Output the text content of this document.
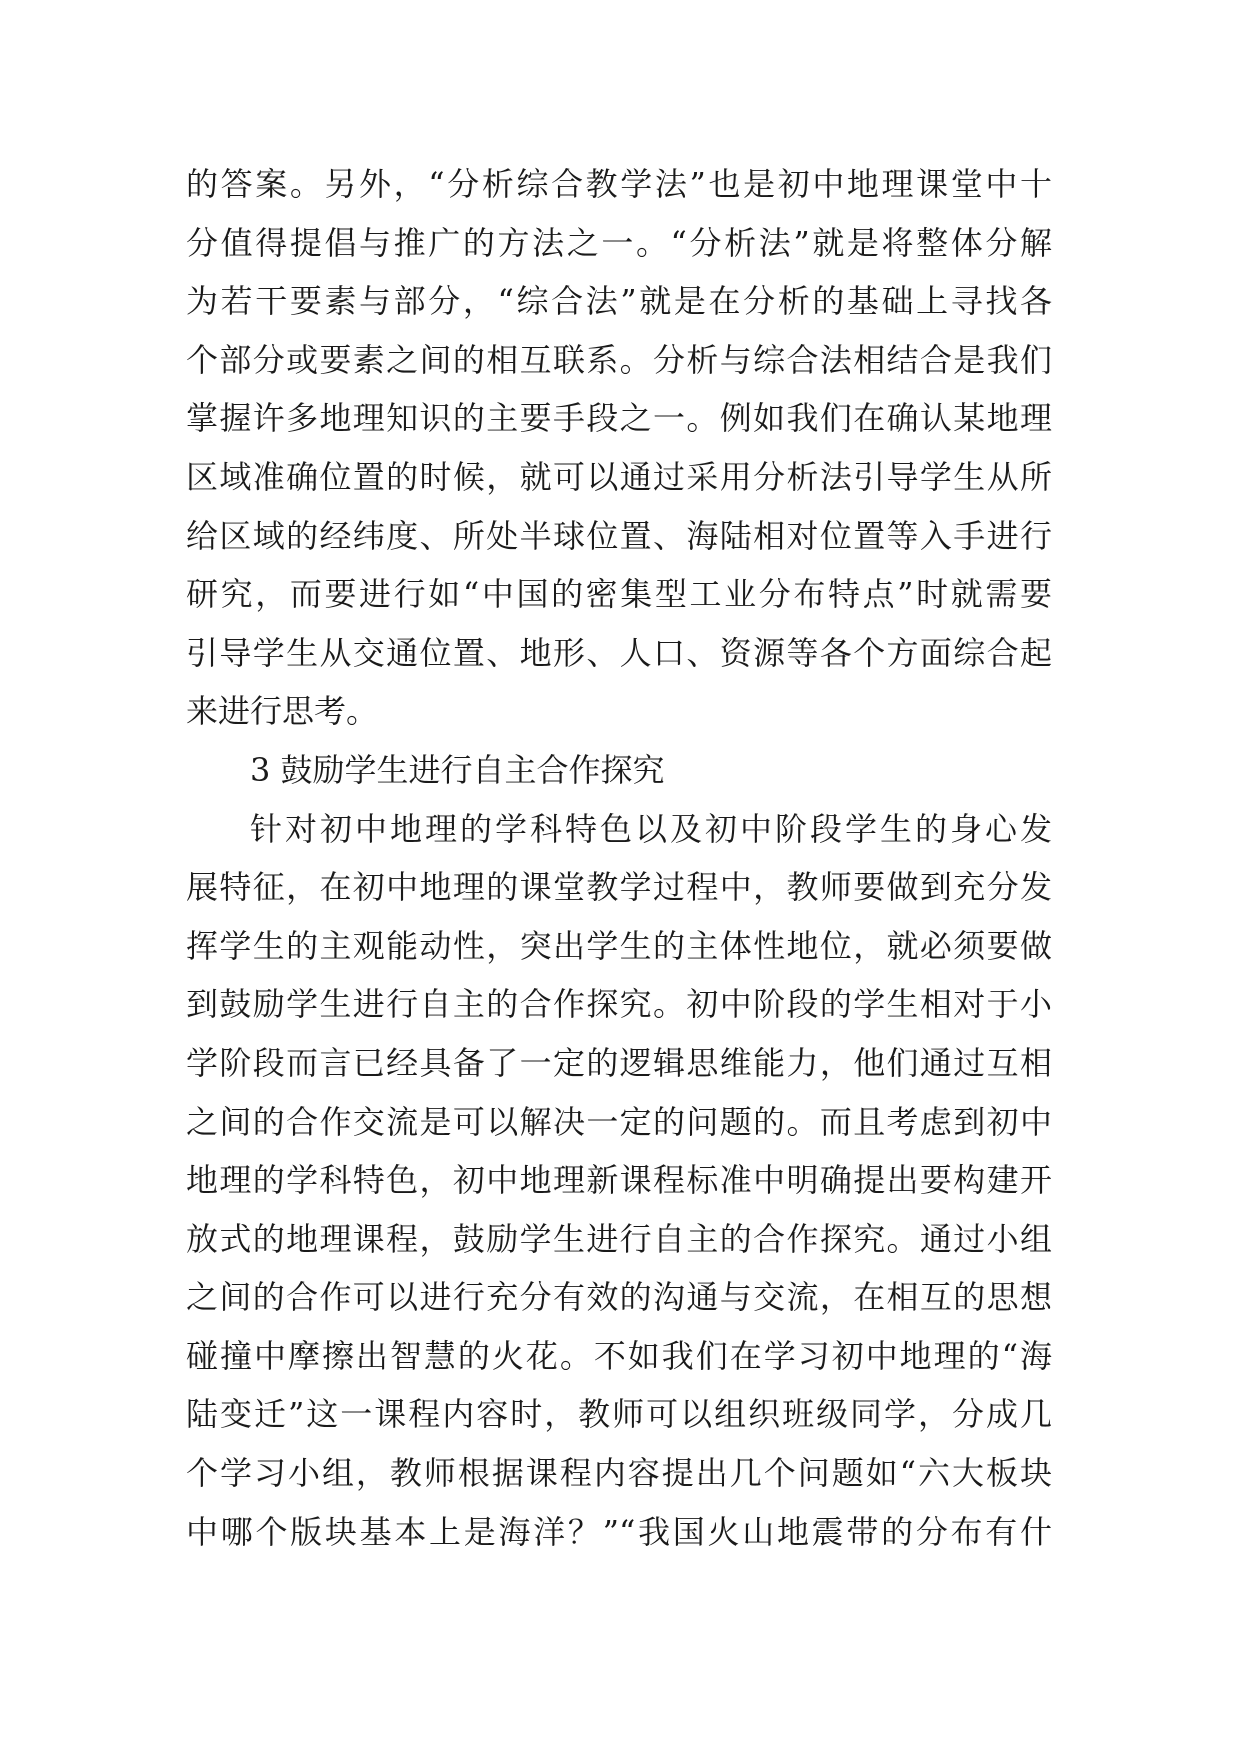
的答案。另外，“分析综合教学法”也是初中地理课堂中十
分值得提倡与推广的方法之一。“分析法”就是将整体分解
为若干要素与部分，“综合法”就是在分析的基础上寻找各
个部分或要素之间的相互联系。分析与综合法相结合是我们
掌握许多地理知识的主要手段之一。例如我们在确认某地理
区域准确位置的时候，就可以通过采用分析法引导学生从所
给区域的经纬度、所处半球位置、海陆相对位置等入手进行
研究，而要进行如“中国的密集型工业分布特点”时就需要
引导学生从交通位置、地形、人口、资源等各个方面综合起
来进行思考。
3 鼓励学生进行自主合作探究
针对初中地理的学科特色以及初中阶段学生的身心发
展特征，在初中地理的课堂教学过程中，教师要做到充分发
挥学生的主观能动性，突出学生的主体性地位，就必须要做
到鼓励学生进行自主的合作探究。初中阶段的学生相对于小
学阶段而言已经具备了一定的逻辑思维能力，他们通过互相
之间的合作交流是可以解决一定的问题的。而且考虑到初中
地理的学科特色，初中地理新课程标准中明确提出要构建开
放式的地理课程，鼓励学生进行自主的合作探究。通过小组
之间的合作可以进行充分有效的沟通与交流，在相互的思想
碰撞中摩擦出智慧的火花。不如我们在学习初中地理的“海
陆变迁”这一课程内容时，教师可以组织班级同学，分成几
个学习小组，教师根据课程内容提出几个问题如“六大板块
中哪个版块基本上是海洋？”“我国火山地震带的分布有什
